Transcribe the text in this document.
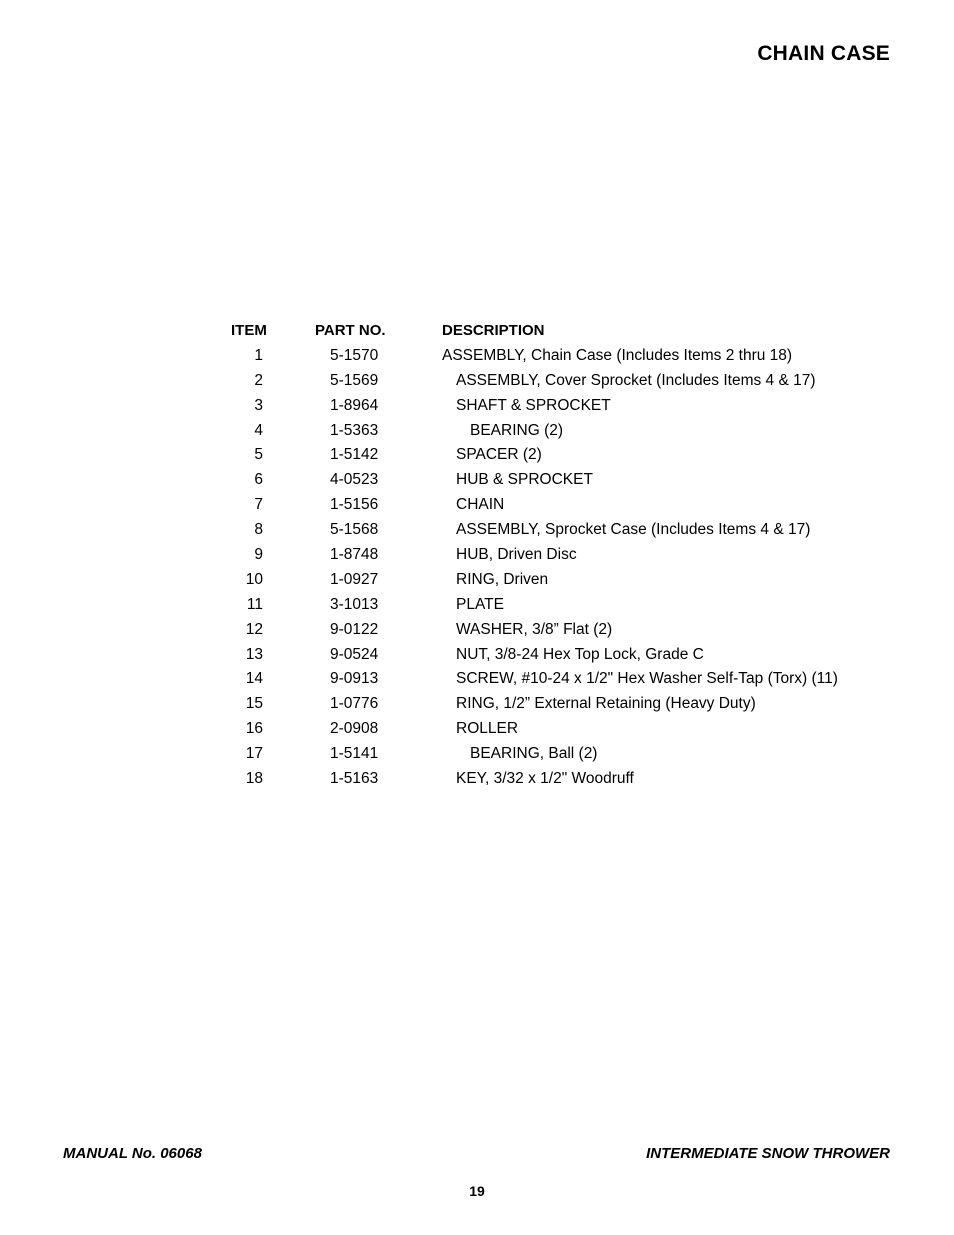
CHAIN CASE
ITEM	PART NO.	DESCRIPTION
1	5-1570	ASSEMBLY, Chain Case (Includes Items 2 thru 18)
2	5-1569	ASSEMBLY, Cover Sprocket (Includes Items 4 & 17)
3	1-8964	SHAFT & SPROCKET
4	1-5363	BEARING (2)
5	1-5142	SPACER (2)
6	4-0523	HUB & SPROCKET
7	1-5156	CHAIN
8	5-1568	ASSEMBLY, Sprocket Case (Includes Items 4 & 17)
9	1-8748	HUB, Driven Disc
10	1-0927	RING, Driven
11	3-1013	PLATE
12	9-0122	WASHER, 3/8” Flat (2)
13	9-0524	NUT, 3/8-24 Hex Top Lock, Grade C
14	9-0913	SCREW, #10-24 x 1/2" Hex Washer Self-Tap (Torx) (11)
15	1-0776	RING, 1/2” External Retaining (Heavy Duty)
16	2-0908	ROLLER
17	1-5141	BEARING, Ball (2)
18	1-5163	KEY, 3/32 x 1/2" Woodruff
MANUAL No. 06068	INTERMEDIATE SNOW THROWER
19
